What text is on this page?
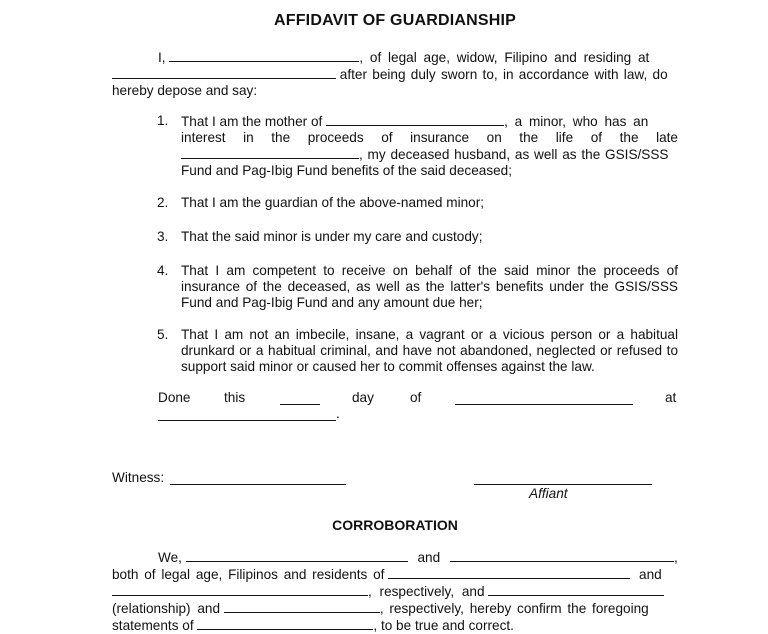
AFFIDAVIT OF GUARDIANSHIP
I,	, of legal age, widow, Filipino and residing at
after being duly sworn to, in accordance with law, do
hereby depose and say:
1. That I am the mother of	, a minor, who has an
interest in the proceeds of insurance on the life of the late
, my deceased husband, as well as the GSIS/SSS
Fund and Pag-Ibig Fund benefits of the said deceased;
2. That I am the guardian of the above-named minor;
3. That the said minor is under my care and custody;
4. That I am competent to receive on behalf of the said minor the proceeds of
insurance of the deceased, as well as the latter's benefits under the GSIS/SSS
Fund and Pag-Ibig Fund and any amount due her;
5. That I am not an imbecile, insane, a vagrant or a vicious person or a habitual
drunkard or a habitual criminal, and have not abandoned, neglected or refused to
support said minor or caused her to commit offenses against the law.
Done this	day	of	at
.
Witness:
Affiant
CORROBORATION
We,	and	,
both of legal age, Filipinos and residents of	and
, respectively, and
(relationship) and	, respectively, hereby confirm the foregoing
statements of	, to be true and correct.
